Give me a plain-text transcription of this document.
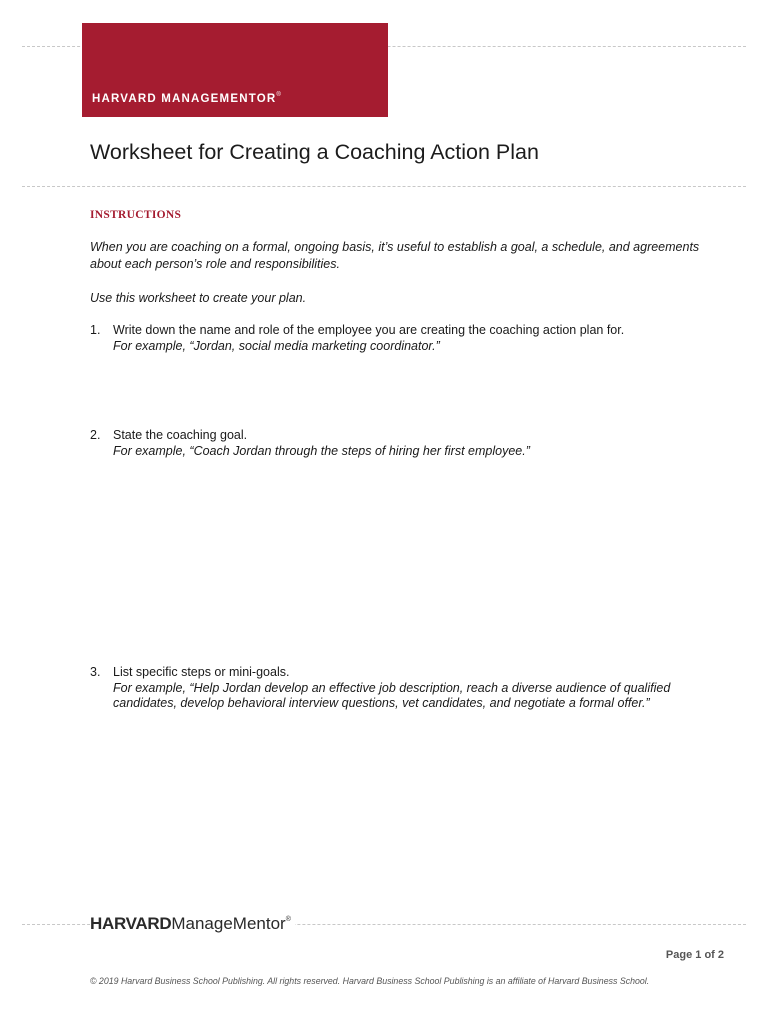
HARVARD MANAGEMENTOR®
Worksheet for Creating a Coaching Action Plan
INSTRUCTIONS
When you are coaching on a formal, ongoing basis, it’s useful to establish a goal, a schedule, and agreements about each person’s role and responsibilities.
Use this worksheet to create your plan.
1. Write down the name and role of the employee you are creating the coaching action plan for.
For example, “Jordan, social media marketing coordinator.”
2. State the coaching goal.
For example, “Coach Jordan through the steps of hiring her first employee.”
3. List specific steps or mini-goals.
For example, “Help Jordan develop an effective job description, reach a diverse audience of qualified candidates, develop behavioral interview questions, vet candidates, and negotiate a formal offer.”
HARVARDManageMentor®
Page 1 of 2
© 2019 Harvard Business School Publishing. All rights reserved. Harvard Business School Publishing is an affiliate of Harvard Business School.
